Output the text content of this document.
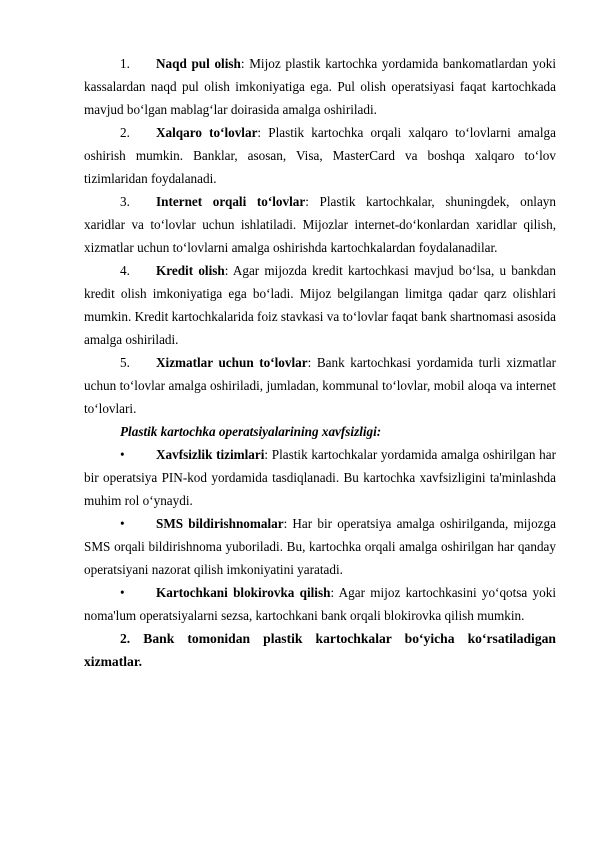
1. Naqd pul olish: Mijoz plastik kartochka yordamida bankomatlardan yoki kassalardan naqd pul olish imkoniyatiga ega. Pul olish operatsiyasi faqat kartochkada mavjud bo‘lgan mablag‘lar doirasida amalga oshiriladi.

2. Xalqaro to‘lovlar: Plastik kartochka orqali xalqaro to‘lovlarni amalga oshirish mumkin. Banklar, asosan, Visa, MasterCard va boshqa xalqaro to‘lov tizimlaridan foydalanadi.

3. Internet orqali to‘lovlar: Plastik kartochkalar, shuningdek, onlayn xaridlar va to‘lovlar uchun ishlatiladi. Mijozlar internet-do‘konlardan xaridlar qilish, xizmatlar uchun to‘lovlarni amalga oshirishda kartochkalardan foydalanadilar.

4. Kredit olish: Agar mijozda kredit kartochkasi mavjud bo‘lsa, u bankdan kredit olish imkoniyatiga ega bo‘ladi. Mijoz belgilangan limitga qadar qarz olishlari mumkin. Kredit kartochkalarida foiz stavkasi va to‘lovlar faqat bank shartnomasi asosida amalga oshiriladi.

5. Xizmatlar uchun to‘lovlar: Bank kartochkasi yordamida turli xizmatlar uchun to‘lovlar amalga oshiriladi, jumladan, kommunal to‘lovlar, mobil aloqa va internet to‘lovlari.

Plastik kartochka operatsiyalarining xavfsizligi:

• Xavfsizlik tizimlari: Plastik kartochkalar yordamida amalga oshirilgan har bir operatsiya PIN-kod yordamida tasdiqlanadi. Bu kartochka xavfsizligini ta'minlashda muhim rol o‘ynaydi.

• SMS bildirishnomalar: Har bir operatsiya amalga oshirilganda, mijozga SMS orqali bildirishnoma yuboriladi. Bu, kartochka orqali amalga oshirilgan har qanday operatsiyani nazorat qilish imkoniyatini yaratadi.

• Kartochkani blokirovka qilish: Agar mijoz kartochkasini yo‘qotsa yoki noma'lum operatsiyalarni sezsa, kartochkani bank orqali blokirovka qilish mumkin.

2. Bank tomonidan plastik kartochkalar bo‘yicha ko‘rsatiladigan xizmatlar.
